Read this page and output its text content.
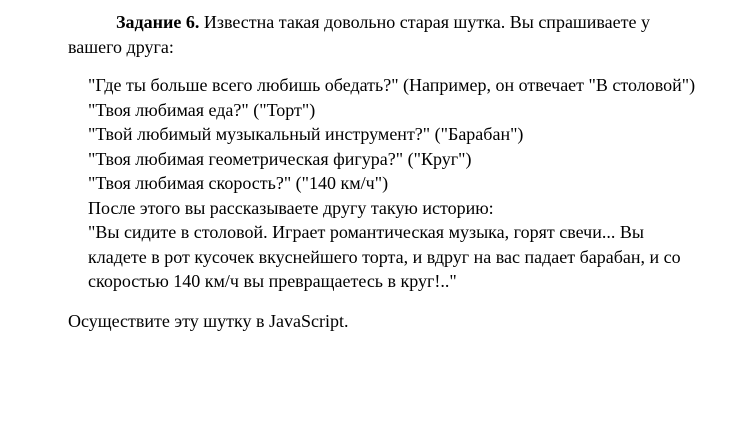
Задание 6. Известна такая довольно старая шутка. Вы спрашиваете у вашего друга:

"Где ты больше всего любишь обедать?" (Например, он отвечает "В столовой")

"Твоя любимая еда?" ("Торт")

"Твой любимый музыкальный инструмент?" ("Барабан")

"Твоя любимая геометрическая фигура?" ("Круг")

"Твоя любимая скорость?" ("140 км/ч")

После этого вы рассказываете другу такую историю:

"Вы сидите в столовой. Играет романтическая музыка, горят свечи... Вы кладете в рот кусочек вкуснейшего торта, и вдруг на вас падает барабан, и со скоростью 140 км/ч вы превращаетесь в круг!.."

Осуществите эту шутку в JavaScript.
